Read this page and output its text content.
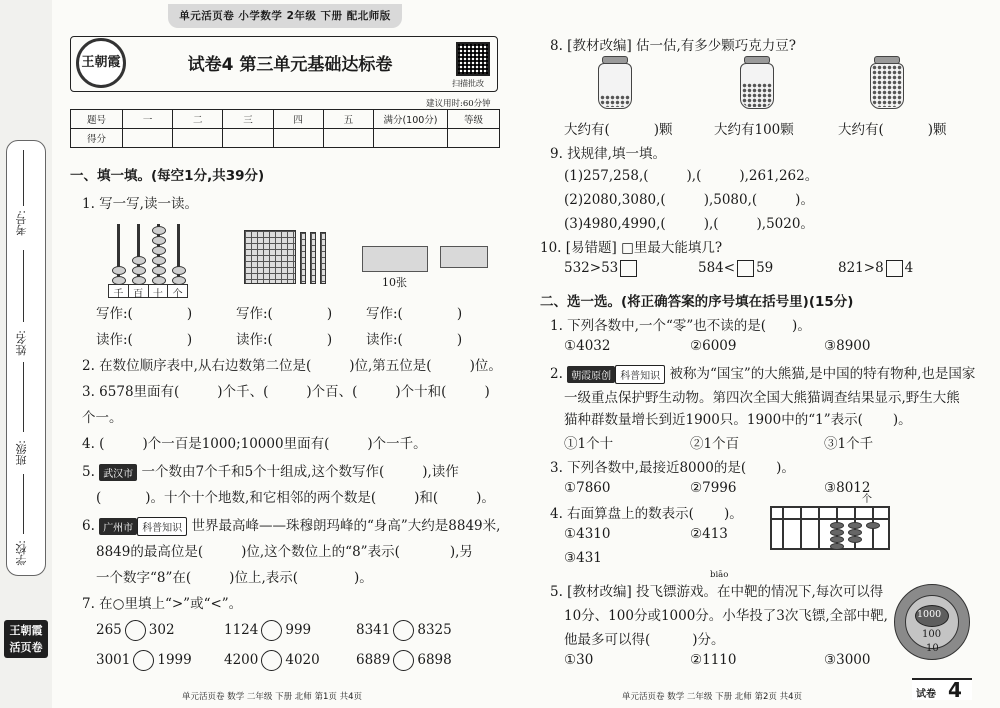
考号:
姓名:
班级:
学校:
王朝霞 活页卷
单元活页卷 小学数学 2年级 下册 配北师版
王朝霞	试卷4 第三单元基础达标卷
扫描批改
建议用时:60分钟
题号	一	二	三	四	五	满分(100分)	等级
得分							
一、填一填。(每空1分,共39分)
1. 写一写,读一读。
千 百 十 个
10张
写作:(	)	写作:(	)	写作:(	)
读作:(	)	读作:(	)	读作:(	)
2. 在数位顺序表中,从右边数第二位是(	)位,第五位是(	)位。
3. 6578里面有(	)个千、(	)个百、(	)个十和(	)
个一。
4. (	)个一百是1000;10000里面有(	)个一千。
5. 武汉市 一个数由7个千和5个十组成,这个数写作(	),读作
(	)。十个十个地数,和它相邻的两个数是(	)和(	)。
6. 广州市 科普知识 世界最高峰——珠穆朗玛峰的“身高”大约是8849米,
8849的最高位是(	)位,这个数位上的“8”表示(	),另
一个数字“8”在(	)位上,表示(	)。
7. 在○里填上“>”或“<”。
265 302	1124 999	8341 8325
3001 1999 4200 4020	6889 6898
单元活页卷 数学 二年级 下册 北师 第1页 共4页
8. [教材改编] 估一估,有多少颗巧克力豆?
大约有(	)颗	大约有100颗	大约有(	)颗
9. 找规律,填一填。
(1)257,258,(	),(	),261,262。
(2)2080,3080,(	),5080,(	)。
(3)4980,4990,(	),(	),5020。
10. [易错题] □里最大能填几?
532>53	584< 59	821>8 4
二、选一选。(将正确答案的序号填在括号里)(15分)
1. 下列各数中,一个“零”也不读的是( )。
①4032	②6009	③8900
2. 朝霞原创 科普知识 被称为“国宝”的大熊猫,是中国的特有物种,也是国家
一级重点保护野生动物。第四次全国大熊猫调查结果显示,野生大熊
猫种群数量增长到近1900只。1900中的“1”表示( )。
①1个十	②1个百	③1个千
3. 下列各数中,最接近8000的是( )。
①7860	②7996	③8012
4. 右面算盘上的数表示( )。
①4310	②413
③431
个
biāo
5. [教材改编] 投飞镖游戏。在中靶的情况下,每次可以得
10分、100分或1000分。小华投了3次飞镖,全部中靶,
他最多可以得(	)分。
①30	②1110	③3000
1000
100
10
单元活页卷 数学 二年级 下册 北师 第2页 共4页	试卷 4
